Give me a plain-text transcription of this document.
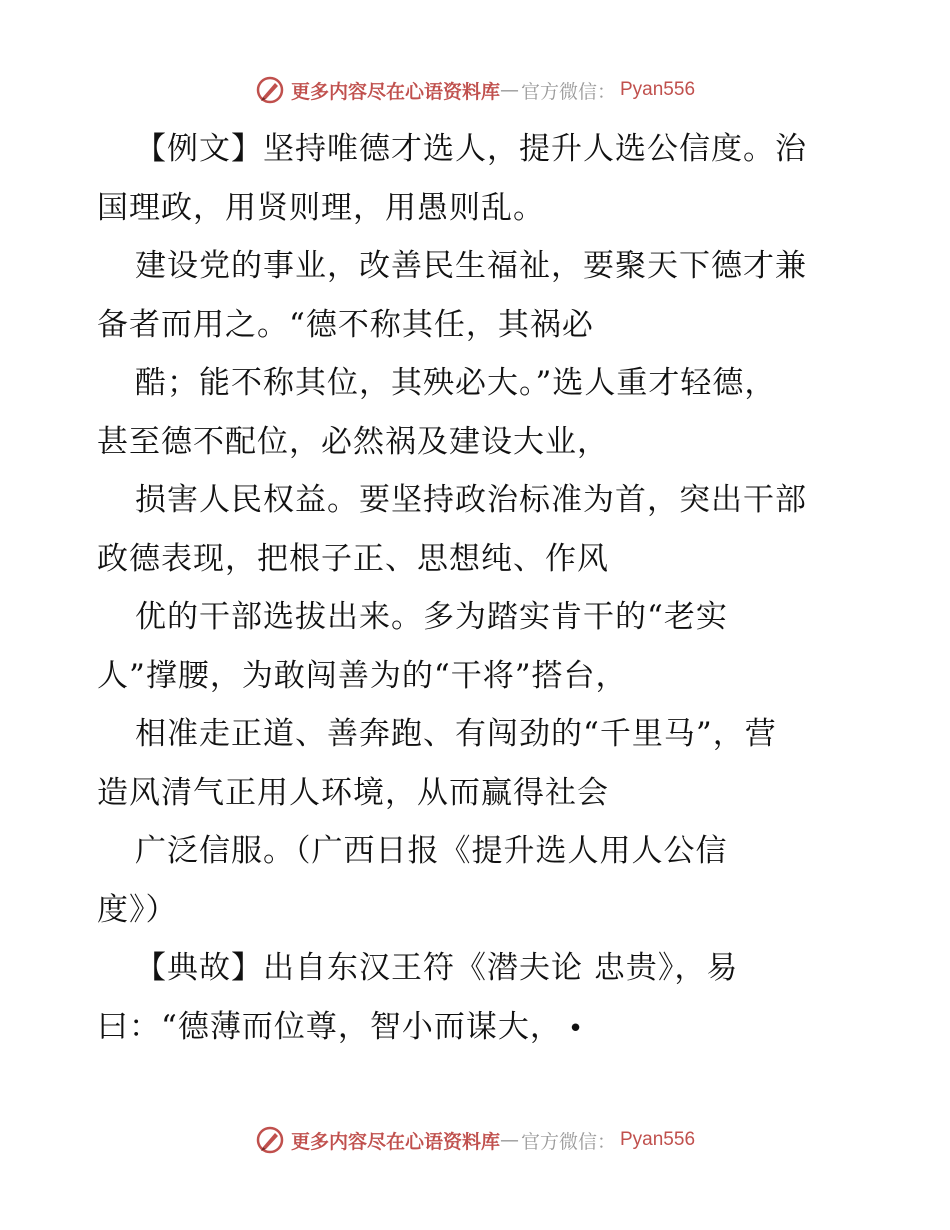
更多内容尽在心语资料库 — 官方微信： Pyan556
【例文】坚持唯德才选人，提升人选公信度。治
国理政，用贤则理，用愚则乱。
建设党的事业，改善民生福祉，要聚天下德才兼
备者而用之。“德不称其任，其祸必
酷；能不称其位，其殃必大。”选人重才轻德，
甚至德不配位，必然祸及建设大业，
损害人民权益。要坚持政治标准为首，突出干部
政德表现，把根子正、思想纯、作风
优的干部选拔出来。多为踏实肯干的“老实
人”撑腰，为敢闯善为的“干将”搭台，
相准走正道、善奔跑、有闯劲的“千里马”，营
造风清气正用人环境，从而赢得社会
广泛信服。（广西日报《提升选人用人公信
度》）
【典故】出自东汉王符《潜夫论 忠贵》，易
曰：“德薄而位尊，智小而谋大， •
更多内容尽在心语资料库 — 官方微信： Pyan556
